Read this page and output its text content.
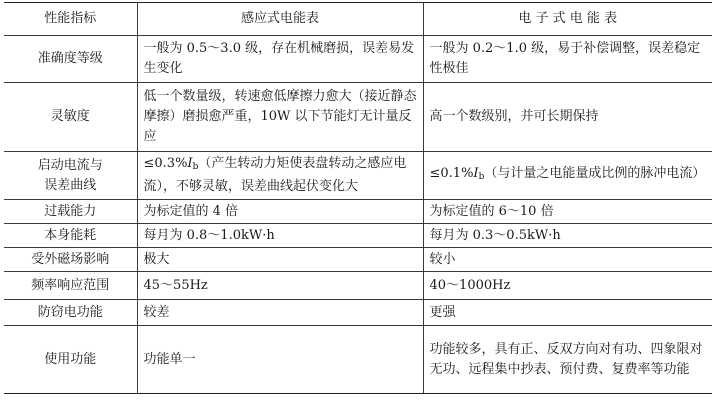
性能指标	感应式电能表	电 子 式 电 能 表
准确度等级	一般为 0.5～3.0 级，存在机械磨损，误差易发生变化	一般为 0.2～1.0 级，易于补偿调整，误差稳定性极佳
灵敏度	低一个数量级，转速愈低摩擦力愈大（接近静态摩擦）磨损愈严重，10W 以下节能灯无计量反应	高一个数级别，并可长期保持

启动电流与
误差曲线	$\le 0.3\%I_b$（产生转动力矩使表盘转动之感应电流），不够灵敏，误差曲线起伏变化大	$\le 0.1\%I_b$（与计量之电能量成比例的脉冲电流）
过载能力	为标定值的 4 倍	为标定值的 6～10 倍
本身能耗	每月为 0.8～1.0kW·h	每月为 0.3～0.5kW·h
受外磁场影响	极大	较小
频率响应范围	45～55Hz	40～1000Hz
防窃电功能	较差	更强
使用功能	功能单一	功能较多，具有正、反双方向对有功、四象限对无功、远程集中抄表、预付费、复费率等功能
